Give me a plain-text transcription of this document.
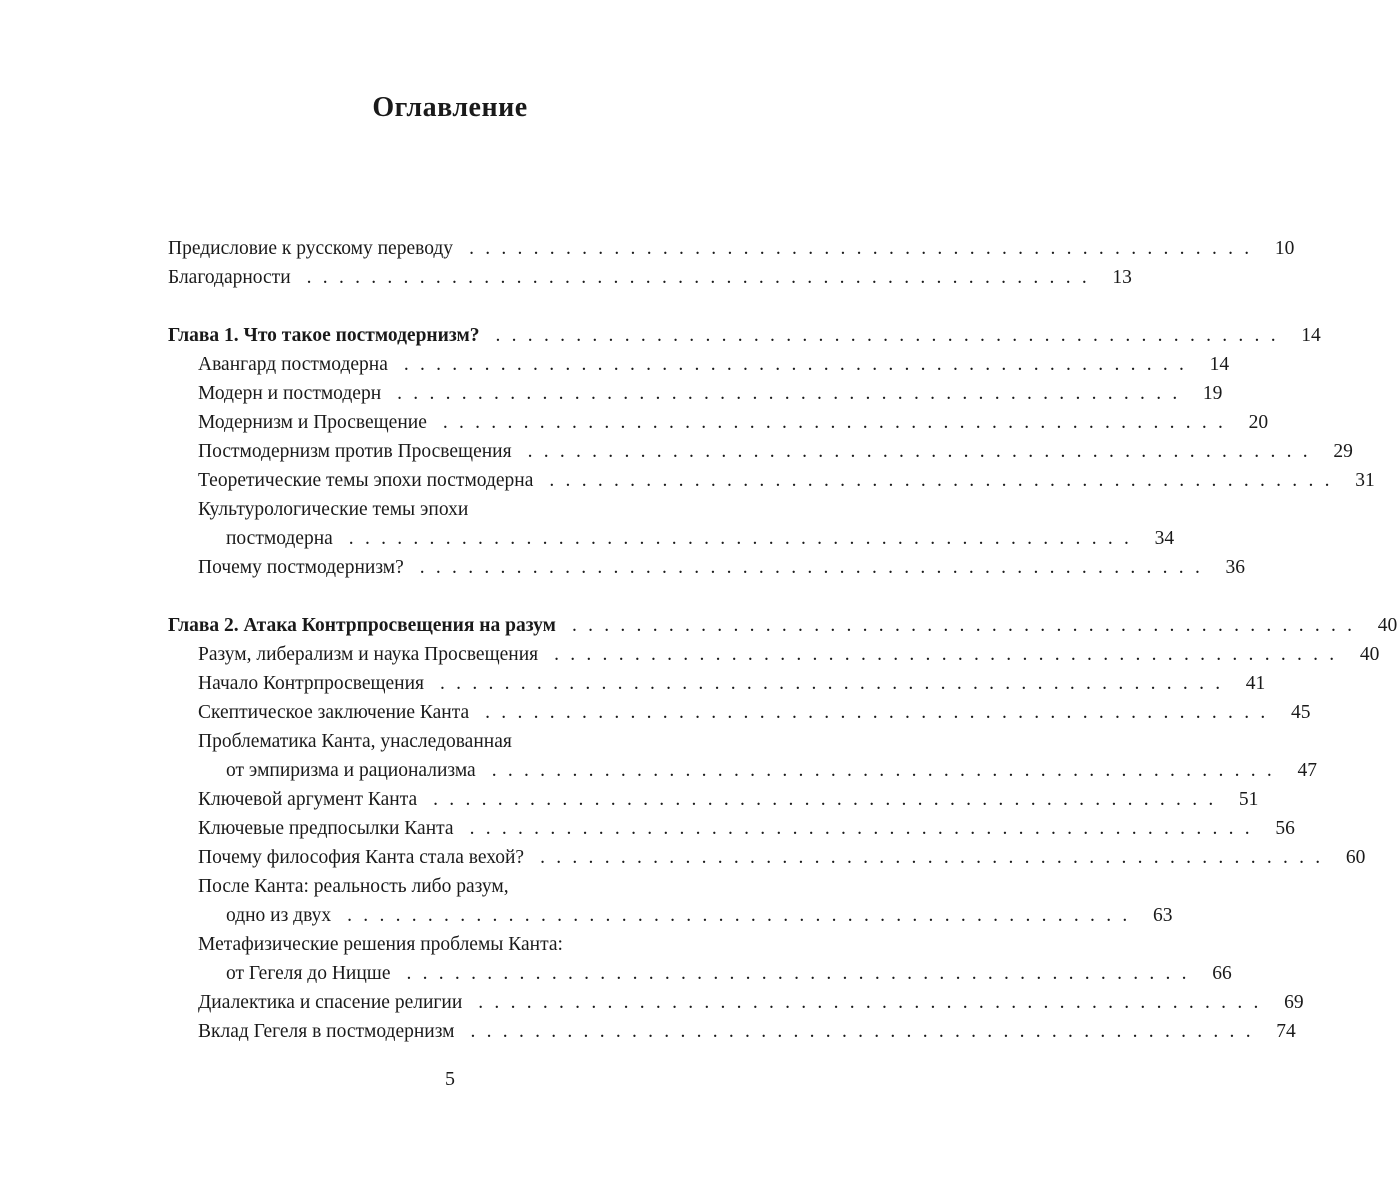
Оглавление
Предисловие к русскому переводу . . . . . . . . . . . . . . . . . . . . . . . . . . . . . . . . . . . . . . . . . . . . . . . . .	10
Благодарности . . . . . . . . . . . . . . . . . . . . . . . . . . . . . . . . . . . . . . . . . . . . . . . . .	13
Глава 1. Что такое постмодернизм? . . . . . . . . . . . . . . . . . . . . . . . . . . . . . . . . . . . . . . . . . . . . . . . . .	14
Авангард постмодерна . . . . . . . . . . . . . . . . . . . . . . . . . . . . . . . . . . . . . . . . . . . . . . . . .	14
Модерн и постмодерн . . . . . . . . . . . . . . . . . . . . . . . . . . . . . . . . . . . . . . . . . . . . . . . . .	19
Модернизм и Просвещение . . . . . . . . . . . . . . . . . . . . . . . . . . . . . . . . . . . . . . . . . . . . . . . . .	20
Постмодернизм против Просвещения . . . . . . . . . . . . . . . . . . . . . . . . . . . . . . . . . . . . . . . . . . . . . . . . .	29
Теоретические темы эпохи постмодерна . . . . . . . . . . . . . . . . . . . . . . . . . . . . . . . . . . . . . . . . . . . . . . . . .	31
Культурологические темы эпохи
постмодерна . . . . . . . . . . . . . . . . . . . . . . . . . . . . . . . . . . . . . . . . . . . . . . . . .	34
Почему постмодернизм? . . . . . . . . . . . . . . . . . . . . . . . . . . . . . . . . . . . . . . . . . . . . . . . . .	36
Глава 2. Атака Контрпросвещения на разум . . . . . . . . . . . . . . . . . . . . . . . . . . . . . . . . . . . . . . . . . . . . . . . . .	40
Разум, либерализм и наука Просвещения . . . . . . . . . . . . . . . . . . . . . . . . . . . . . . . . . . . . . . . . . . . . . . . . .	40
Начало Контрпросвещения . . . . . . . . . . . . . . . . . . . . . . . . . . . . . . . . . . . . . . . . . . . . . . . . .	41
Скептическое заключение Канта . . . . . . . . . . . . . . . . . . . . . . . . . . . . . . . . . . . . . . . . . . . . . . . . .	45
Проблематика Канта, унаследованная
от эмпиризма и рационализма . . . . . . . . . . . . . . . . . . . . . . . . . . . . . . . . . . . . . . . . . . . . . . . . .	47
Ключевой аргумент Канта . . . . . . . . . . . . . . . . . . . . . . . . . . . . . . . . . . . . . . . . . . . . . . . . .	51
Ключевые предпосылки Канта . . . . . . . . . . . . . . . . . . . . . . . . . . . . . . . . . . . . . . . . . . . . . . . . .	56
Почему философия Канта стала вехой? . . . . . . . . . . . . . . . . . . . . . . . . . . . . . . . . . . . . . . . . . . . . . . . . .	60
После Канта: реальность либо разум,
одно из двух . . . . . . . . . . . . . . . . . . . . . . . . . . . . . . . . . . . . . . . . . . . . . . . . .	63
Метафизические решения проблемы Канта:
от Гегеля до Ницше . . . . . . . . . . . . . . . . . . . . . . . . . . . . . . . . . . . . . . . . . . . . . . . . .	66
Диалектика и спасение религии . . . . . . . . . . . . . . . . . . . . . . . . . . . . . . . . . . . . . . . . . . . . . . . . .	69
Вклад Гегеля в постмодернизм . . . . . . . . . . . . . . . . . . . . . . . . . . . . . . . . . . . . . . . . . . . . . . . . .	74
5
